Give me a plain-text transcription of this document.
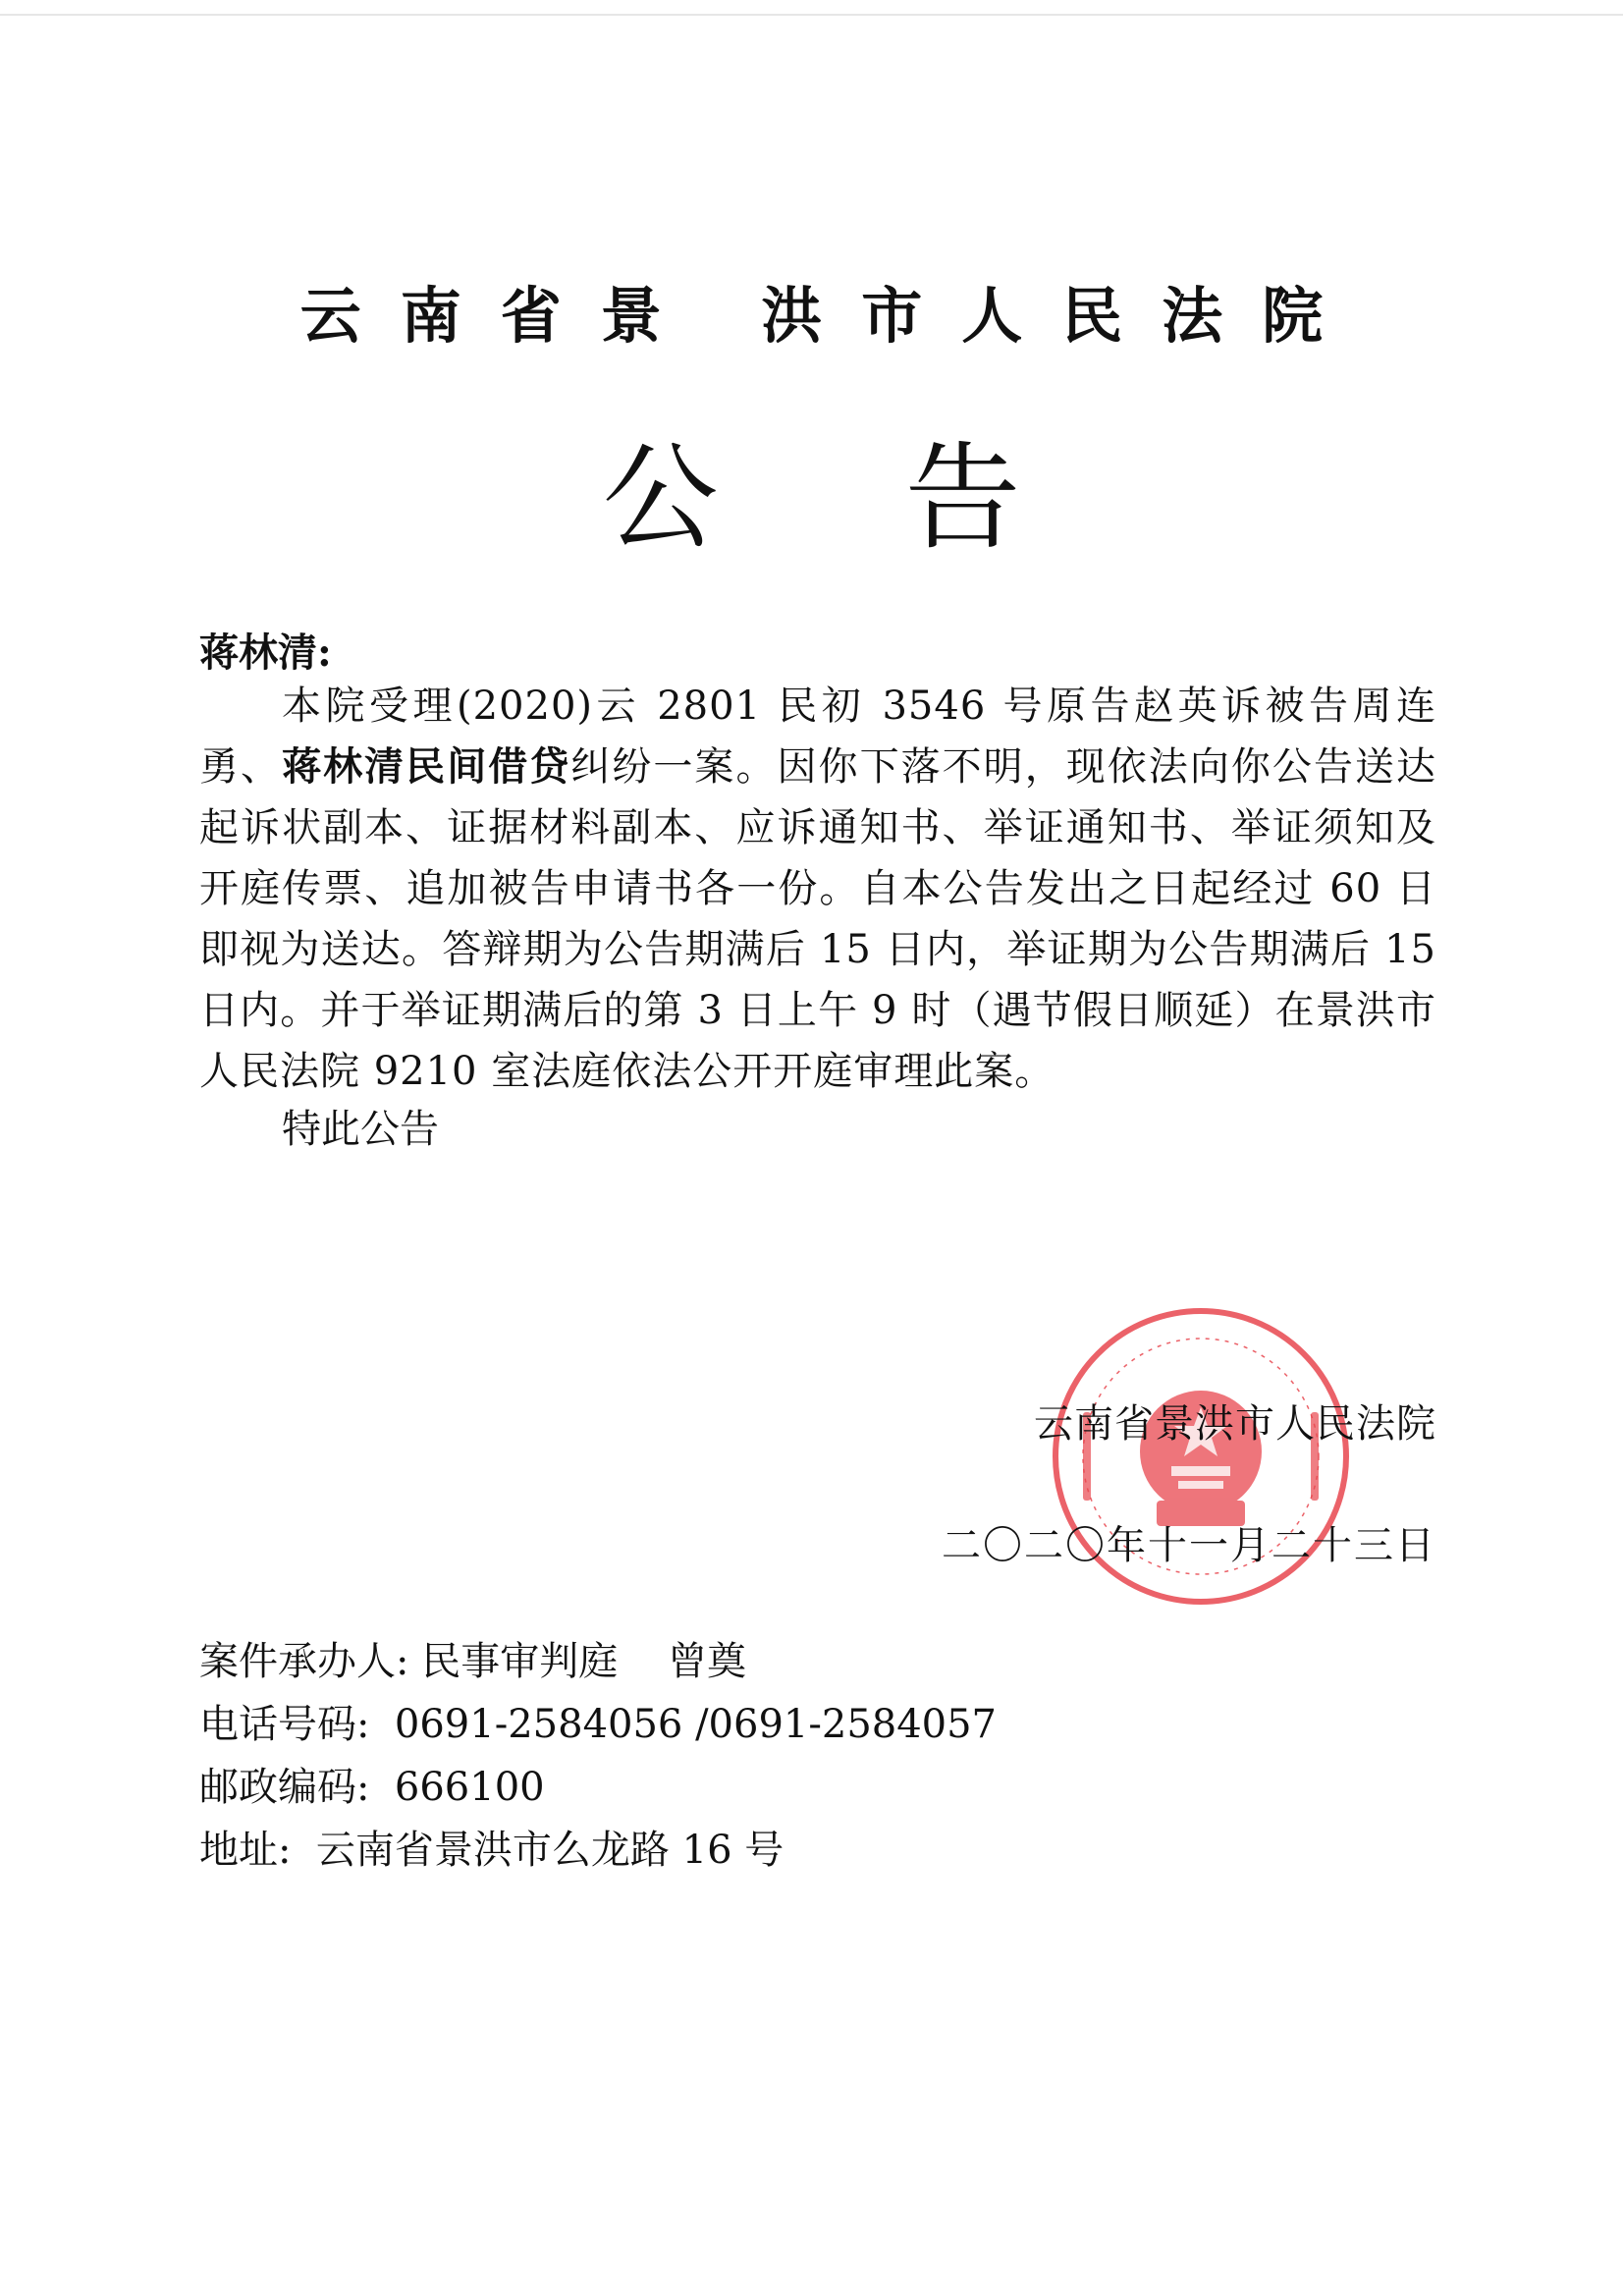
云南省景 洪市人民法院
公告
蒋林清:
本院受理(2020)云 2801 民初 3546 号原告赵英诉被告周连勇、蒋林清民间借贷纠纷一案。因你下落不明，现依法向你公告送达起诉状副本、证据材料副本、应诉通知书、举证通知书、举证须知及开庭传票、追加被告申请书各一份。自本公告发出之日起经过 60 日即视为送达。答辩期为公告期满后 15 日内，举证期为公告期满后 15 日内。并于举证期满后的第 3 日上午 9 时（遇节假日顺延）在景洪市人民法院 9210 室法庭依法公开开庭审理此案。
特此公告
云南省景洪市人民法院
二〇二〇年十一月二十三日
案件承办人: 民事审判庭    曾奠
电话号码:  0691-2584056 /0691-2584057
邮政编码:  666100
地址:  云南省景洪市么龙路 16 号
